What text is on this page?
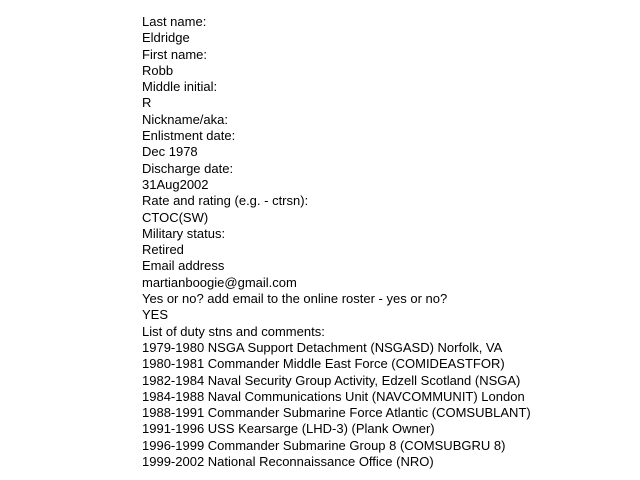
Last name:
Eldridge
First name:
Robb
Middle initial:
R
Nickname/aka:
Enlistment date:
Dec 1978
Discharge date:
31Aug2002
Rate and rating (e.g. - ctrsn):
CTOC(SW)
Military status:
Retired
Email address
martianboogie@gmail.com
Yes or no? add email to the online roster - yes or no?
YES
List of duty stns and comments:
1979-1980 NSGA Support Detachment (NSGASD) Norfolk, VA
1980-1981 Commander Middle East Force (COMIDEASTFOR)
1982-1984 Naval Security Group Activity, Edzell Scotland (NSGA)
1984-1988 Naval Communications Unit (NAVCOMMUNIT) London
1988-1991 Commander Submarine Force Atlantic (COMSUBLANT)
1991-1996 USS Kearsarge (LHD-3) (Plank Owner)
1996-1999 Commander Submarine Group 8 (COMSUBGRU 8)
1999-2002 National Reconnaissance Office (NRO)
